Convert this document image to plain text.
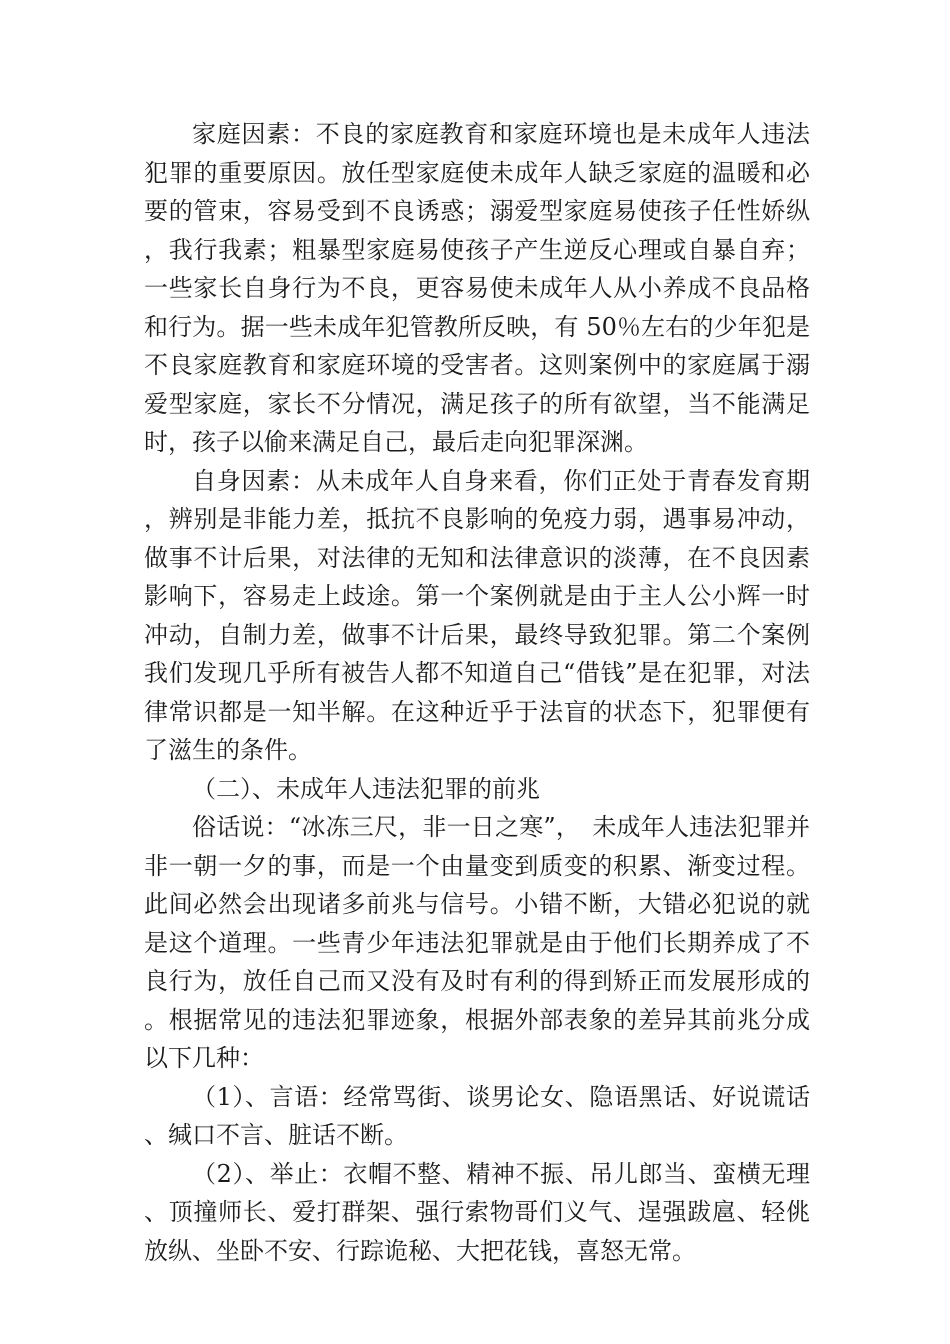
家庭因素：不良的家庭教育和家庭环境也是未成年人违法犯罪的重要原因。放任型家庭使未成年人缺乏家庭的温暖和必要的管束，容易受到不良诱惑；溺爱型家庭易使孩子任性娇纵，我行我素；粗暴型家庭易使孩子产生逆反心理或自暴自弃；一些家长自身行为不良，更容易使未成年人从小养成不良品格和行为。据一些未成年犯管教所反映，有 50％左右的少年犯是不良家庭教育和家庭环境的受害者。这则案例中的家庭属于溺爱型家庭，家长不分情况，满足孩子的所有欲望，当不能满足时，孩子以偷来满足自己，最后走向犯罪深渊。

自身因素：从未成年人自身来看，你们正处于青春发育期，辨别是非能力差，抵抗不良影响的免疫力弱，遇事易冲动，做事不计后果，对法律的无知和法律意识的淡薄，在不良因素影响下，容易走上歧途。第一个案例就是由于主人公小辉一时冲动，自制力差，做事不计后果，最终导致犯罪。第二个案例我们发现几乎所有被告人都不知道自己“借钱”是在犯罪，对法律常识都是一知半解。在这种近乎于法盲的状态下，犯罪便有了滋生的条件。

（二）、未成年人违法犯罪的前兆

俗话说：“冰冻三尺，非一日之寒”，　未成年人违法犯罪并非一朝一夕的事，而是一个由量变到质变的积累、渐变过程。此间必然会出现诸多前兆与信号。小错不断，大错必犯说的就是这个道理。一些青少年违法犯罪就是由于他们长期养成了不良行为，放任自己而又没有及时有利的得到矫正而发展形成的。根据常见的违法犯罪迹象，根据外部表象的差异其前兆分成以下几种：

（1）、言语：经常骂街、谈男论女、隐语黑话、好说谎话、缄口不言、脏话不断。

（2）、举止：衣帽不整、精神不振、吊儿郎当、蛮横无理、顶撞师长、爱打群架、强行索物哥们义气、逞强跋扈、轻佻放纵、坐卧不安、行踪诡秘、大把花钱，喜怒无常。
